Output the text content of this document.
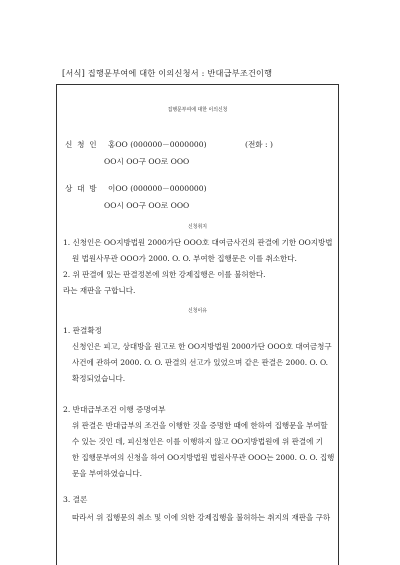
[서식] 집행문부여에 대한 이의신청서 : 반대급부조건이행
집행문부여에 대한 이의신청
신 청 인 홍OO (000000－0000000)	(전화 : )
OO시 OO구 OO로 OOO
상 대 방 이OO (000000－0000000)
OO시 OO구 OO로 OOO
신청취지
1. 신청인은 OO지방법원 2000가단 OOO호 대여금사건의 판결에 기한 OO지방법
원 법원사무관 OOO가 2000. O. O. 부여한 집행문은 이를 취소한다.
2. 위 판결에 있는 판결정본에 의한 강제집행은 이를 불허한다.
라는 재판을 구합니다.
신청이유
1. 판결확정
신청인은 피고, 상대방을 원고로 한 OO지방법원 2000가단 OOO호 대여금청구
사건에 관하여 2000. O. O. 판결의 선고가 있었으며 같은 판결은 2000. O. O.
확정되었습니다.
2. 반대급부조건 이행 증명여부
위 판결은 반대급부의 조건을 이행한 것을 증명한 때에 한하여 집행문을 부여할
수 있는 것인 데, 피신청인은 이를 이행하지 않고 OO지방법원에 위 판결에 기
한 집행문부여의 신청을 하여 OO지방법원 법원사무관 OOO는 2000. O. O. 집행
문을 부여하였습니다.
3. 결론
따라서 위 집행문의 취소 및 이에 의한 강제집행을 불허하는 취지의 재판을 구하
